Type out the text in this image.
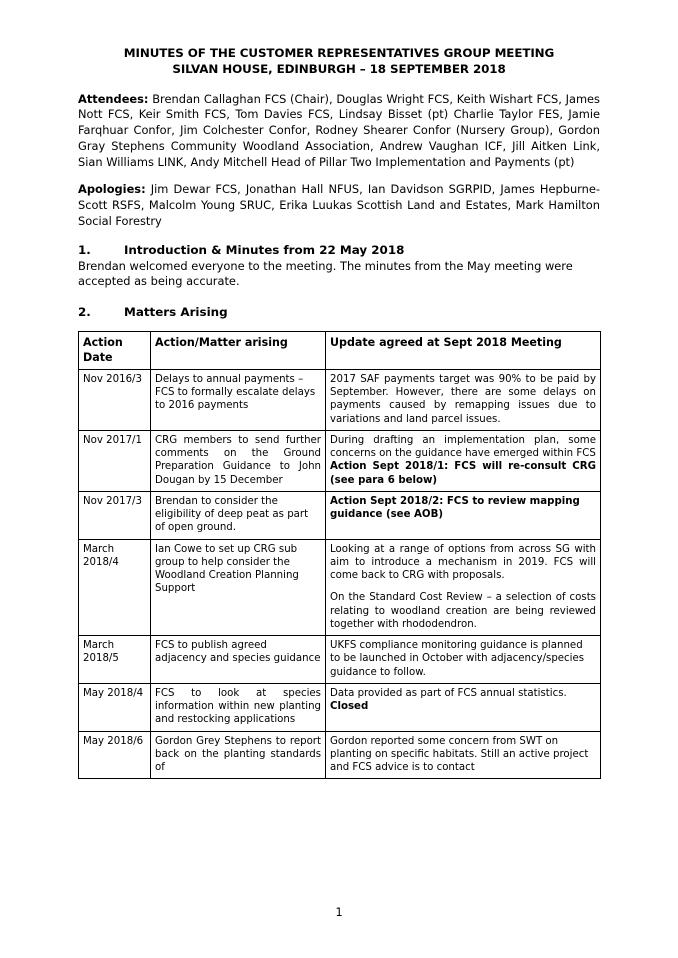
MINUTES OF THE CUSTOMER REPRESENTATIVES GROUP MEETING
SILVAN HOUSE, EDINBURGH – 18 SEPTEMBER 2018

Attendees: Brendan Callaghan FCS (Chair), Douglas Wright FCS, Keith Wishart FCS, James Nott FCS, Keir Smith FCS, Tom Davies FCS, Lindsay Bisset (pt) Charlie Taylor FES, Jamie Farqhuar Confor, Jim Colchester Confor, Rodney Shearer Confor (Nursery Group), Gordon Gray Stephens Community Woodland Association, Andrew Vaughan ICF, Jill Aitken Link, Sian Williams LINK, Andy Mitchell Head of Pillar Two Implementation and Payments (pt)

Apologies: Jim Dewar FCS, Jonathan Hall NFUS, Ian Davidson SGRPID, James Hepburne-Scott RSFS, Malcolm Young SRUC, Erika Luukas Scottish Land and Estates, Mark Hamilton Social Forestry

1.	Introduction & Minutes from 22 May 2018
Brendan welcomed everyone to the meeting. The minutes from the May meeting were accepted as being accurate.
2.	Matters Arising
Action Date	Action/Matter arising	Update agreed at Sept 2018 Meeting
Nov 2016/3	Delays to annual payments – FCS to formally escalate delays to 2016 payments	2017 SAF payments target was 90% to be paid by September. However, there are some delays on payments caused by remapping issues due to variations and land parcel issues.
Nov 2017/1	CRG members to send further comments on the Ground Preparation Guidance to John Dougan by 15 December	During drafting an implementation plan, some concerns on the guidance have emerged within FCS
Action Sept 2018/1: FCS will re-consult CRG (see para 6 below)
Nov 2017/3	Brendan to consider the eligibility of deep peat as part of open ground.	Action Sept 2018/2: FCS to review mapping guidance (see AOB)
March 2018/4	Ian Cowe to set up CRG sub group to help consider the Woodland Creation Planning Support	Looking at a range of options from across SG with aim to introduce a mechanism in 2019. FCS will come back to CRG with proposals.
On the Standard Cost Review – a selection of costs relating to woodland creation are being reviewed together with rhododendron.
March 2018/5	FCS to publish agreed adjacency and species guidance	UKFS compliance monitoring guidance is planned to be launched in October with adjacency/species guidance to follow.
May 2018/4	FCS to look at species information within new planting and restocking applications	Data provided as part of FCS annual statistics. Closed
May 2018/6	Gordon Grey Stephens to report back on the planting standards of	Gordon reported some concern from SWT on planting on specific habitats. Still an active project and FCS advice is to contact
1
